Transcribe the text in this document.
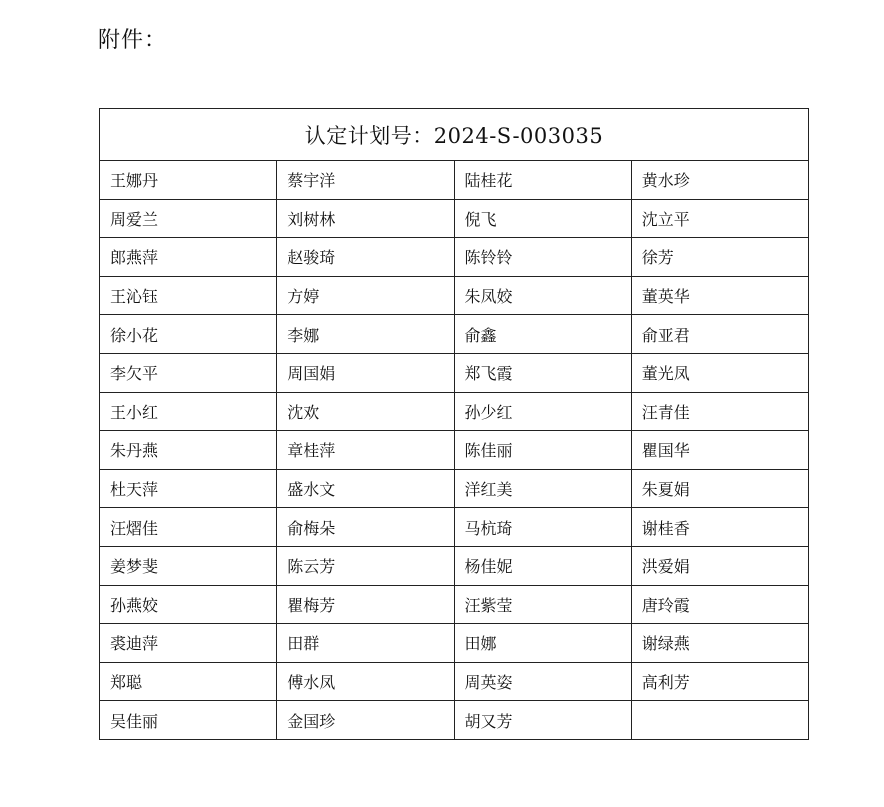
附件：
认定计划号：2024-S-003035			
王娜丹	蔡宇洋	陆桂花	黄水珍
周爱兰	刘树林	倪飞	沈立平
郎燕萍	赵骏琦	陈铃铃	徐芳
王沁钰	方婷	朱凤姣	董英华
徐小花	李娜	俞鑫	俞亚君
李欠平	周国娟	郑飞霞	董光凤
王小红	沈欢	孙少红	汪青佳
朱丹燕	章桂萍	陈佳丽	瞿国华
杜天萍	盛水文	洋红美	朱夏娟
汪熠佳	俞梅朵	马杭琦	谢桂香
姜梦斐	陈云芳	杨佳妮	洪爱娟
孙燕姣	瞿梅芳	汪紫莹	唐玲霞
裘迪萍	田群	田娜	谢绿燕
郑聪	傅水凤	周英姿	高利芳
吴佳丽	金国珍	胡又芳	
